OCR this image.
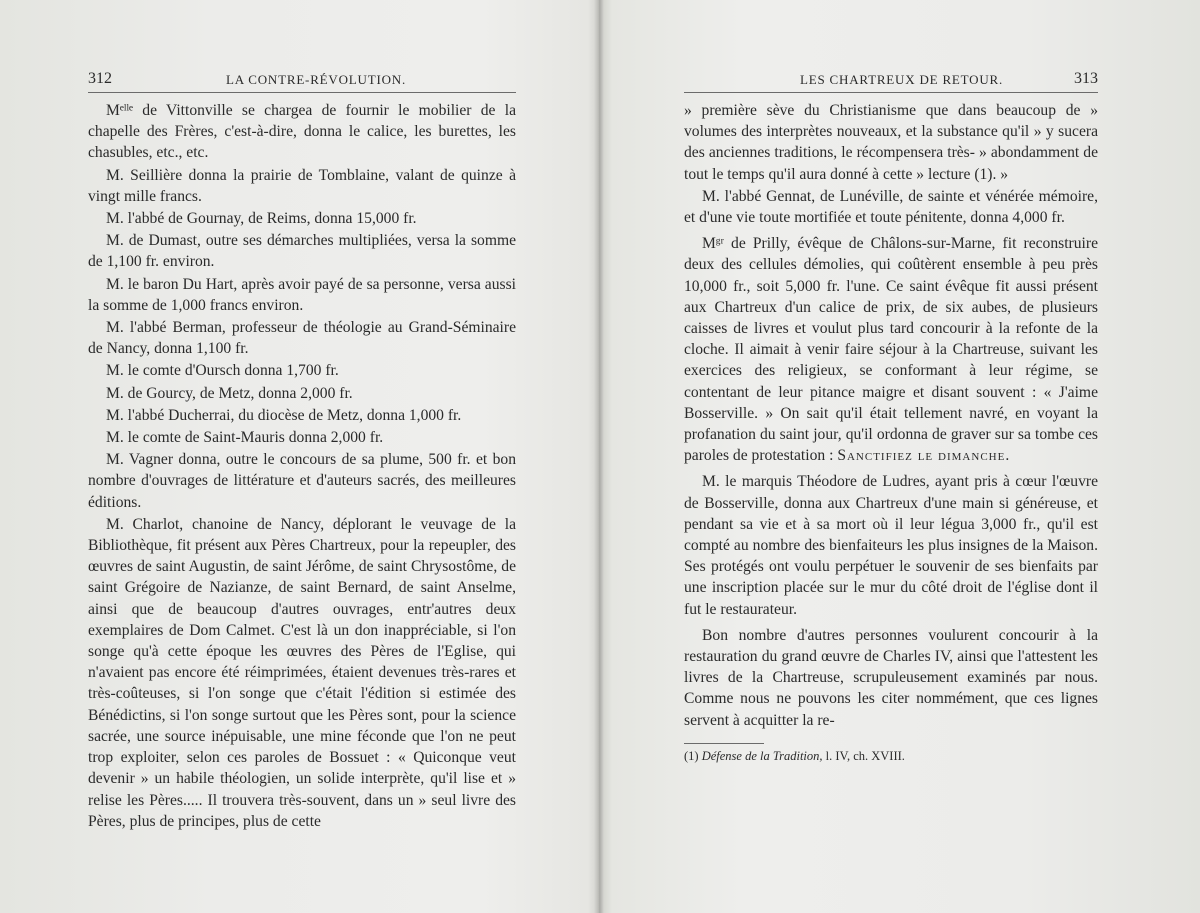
312	LA CONTRE-RÉVOLUTION.

Mᵉˡˡᵉ de Vittonville se chargea de fournir le mobilier de la chapelle des Frères, c'est-à-dire, donna le calice, les burettes, les chasubles, etc., etc.

M. Seillière donna la prairie de Tomblaine, valant de quinze à vingt mille francs.

M. l'abbé de Gournay, de Reims, donna 15,000 fr.

M. de Dumast, outre ses démarches multipliées, versa la somme de 1,100 fr. environ.

M. le baron Du Hart, après avoir payé de sa personne, versa aussi la somme de 1,000 francs environ.

M. l'abbé Berman, professeur de théologie au Grand-Séminaire de Nancy, donna 1,100 fr.

M. le comte d'Oursch donna 1,700 fr.

M. de Gourcy, de Metz, donna 2,000 fr.

M. l'abbé Ducherrai, du diocèse de Metz, donna 1,000 fr.

M. le comte de Saint-Mauris donna 2,000 fr.

M. Vagner donna, outre le concours de sa plume, 500 fr. et bon nombre d'ouvrages de littérature et d'auteurs sacrés, des meilleures éditions.

M. Charlot, chanoine de Nancy, déplorant le veuvage de la Bibliothèque, fit présent aux Pères Chartreux, pour la repeupler, des œuvres de saint Augustin, de saint Jérôme, de saint Chrysostôme, de saint Grégoire de Nazianze, de saint Bernard, de saint Anselme, ainsi que de beaucoup d'autres ouvrages, entr'autres deux exemplaires de Dom Calmet. C'est là un don inappréciable, si l'on songe qu'à cette époque les œuvres des Pères de l'Eglise, qui n'avaient pas encore été réimprimées, étaient devenues très-rares et très-coûteuses, si l'on songe que c'était l'édition si estimée des Bénédictins, si l'on songe surtout que les Pères sont, pour la science sacrée, une source inépuisable, une mine féconde que l'on ne peut trop exploiter, selon ces paroles de Bossuet : « Quiconque veut devenir » un habile théologien, un solide interprète, qu'il lise et » relise les Pères..... Il trouvera très-souvent, dans un » seul livre des Pères, plus de principes, plus de cette

LES CHARTREUX DE RETOUR.	313

» première sève du Christianisme que dans beaucoup de » volumes des interprètes nouveaux, et la substance qu'il » y sucera des anciennes traditions, le récompensera très- » abondamment de tout le temps qu'il aura donné à cette » lecture (1). »

M. l'abbé Gennat, de Lunéville, de sainte et vénérée mémoire, et d'une vie toute mortifiée et toute pénitente, donna 4,000 fr.

Mᵍʳ de Prilly, évêque de Châlons-sur-Marne, fit reconstruire deux des cellules démolies, qui coûtèrent ensemble à peu près 10,000 fr., soit 5,000 fr. l'une. Ce saint évêque fit aussi présent aux Chartreux d'un calice de prix, de six aubes, de plusieurs caisses de livres et voulut plus tard concourir à la refonte de la cloche. Il aimait à venir faire séjour à la Chartreuse, suivant les exercices des religieux, se conformant à leur régime, se contentant de leur pitance maigre et disant souvent : « J'aime Bosserville. » On sait qu'il était tellement navré, en voyant la profanation du saint jour, qu'il ordonna de graver sur sa tombe ces paroles de protestation : Sanctifiez le dimanche.

M. le marquis Théodore de Ludres, ayant pris à cœur l'œuvre de Bosserville, donna aux Chartreux d'une main si généreuse, et pendant sa vie et à sa mort où il leur légua 3,000 fr., qu'il est compté au nombre des bienfaiteurs les plus insignes de la Maison. Ses protégés ont voulu perpétuer le souvenir de ses bienfaits par une inscription placée sur le mur du côté droit de l'église dont il fut le restaurateur.

Bon nombre d'autres personnes voulurent concourir à la restauration du grand œuvre de Charles IV, ainsi que l'attestent les livres de la Chartreuse, scrupuleusement examinés par nous. Comme nous ne pouvons les citer nommément, que ces lignes servent à acquitter la re-

(1) Défense de la Tradition, l. IV, ch. XVIII.
